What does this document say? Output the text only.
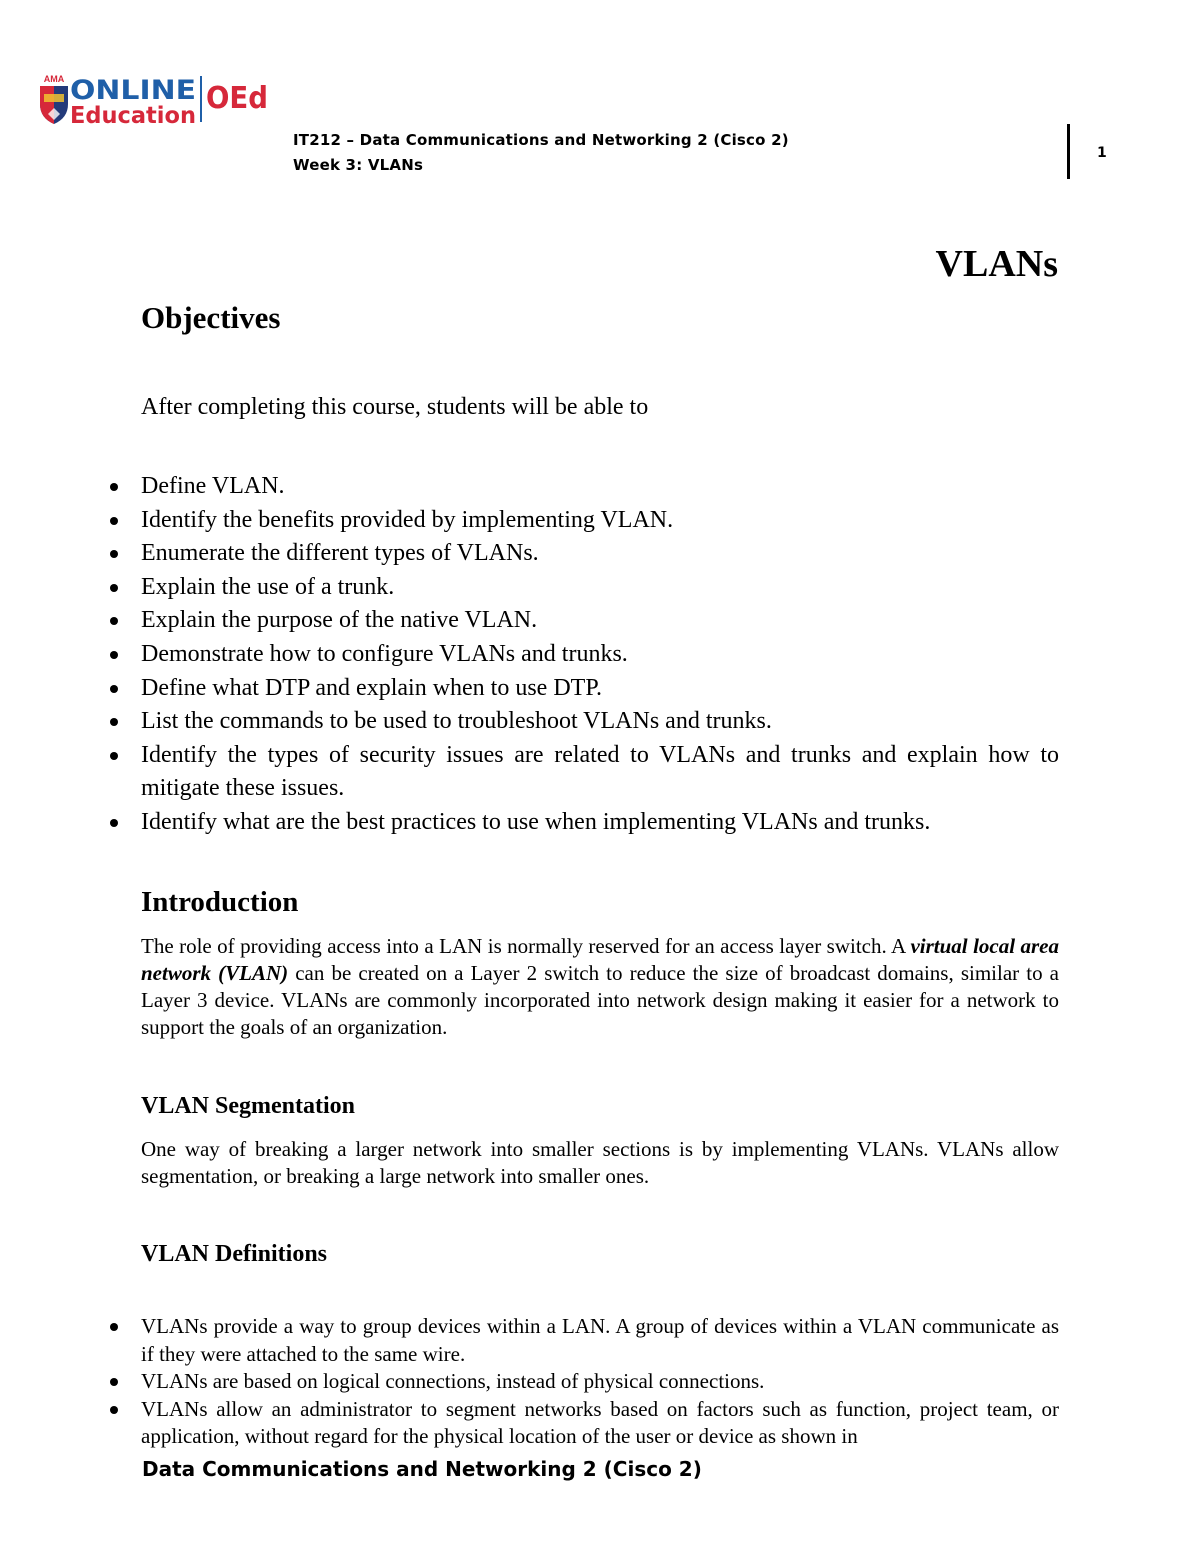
AMA ONLINE
Education OEd
IT212 – Data Communications and Networking 2 (Cisco 2)
Week 3: VLANs
1
VLANs
Objectives
After completing this course, students will be able to
Define VLAN.
Identify the benefits provided by implementing VLAN.
Enumerate the different types of VLANs.
Explain the use of a trunk.
Explain the purpose of the native VLAN.
Demonstrate how to configure VLANs and trunks.
Define what DTP and explain when to use DTP.
List the commands to be used to troubleshoot VLANs and trunks.
Identify the types of security issues are related to VLANs and trunks and explain how to mitigate these issues.
Identify what are the best practices to use when implementing VLANs and trunks.
Introduction

The role of providing access into a LAN is normally reserved for an access layer switch. A virtual local area network (VLAN) can be created on a Layer 2 switch to reduce the size of broadcast domains, similar to a Layer 3 device. VLANs are commonly incorporated into network design making it easier for a network to support the goals of an organization.

VLAN Segmentation

One way of breaking a larger network into smaller sections is by implementing VLANs. VLANs allow segmentation, or breaking a large network into smaller ones.

VLAN Definitions
VLANs provide a way to group devices within a LAN. A group of devices within a VLAN communicate as if they were attached to the same wire.
VLANs are based on logical connections, instead of physical connections.
VLANs allow an administrator to segment networks based on factors such as function, project team, or application, without regard for the physical location of the user or device as shown in
Data Communications and Networking 2 (Cisco 2)
